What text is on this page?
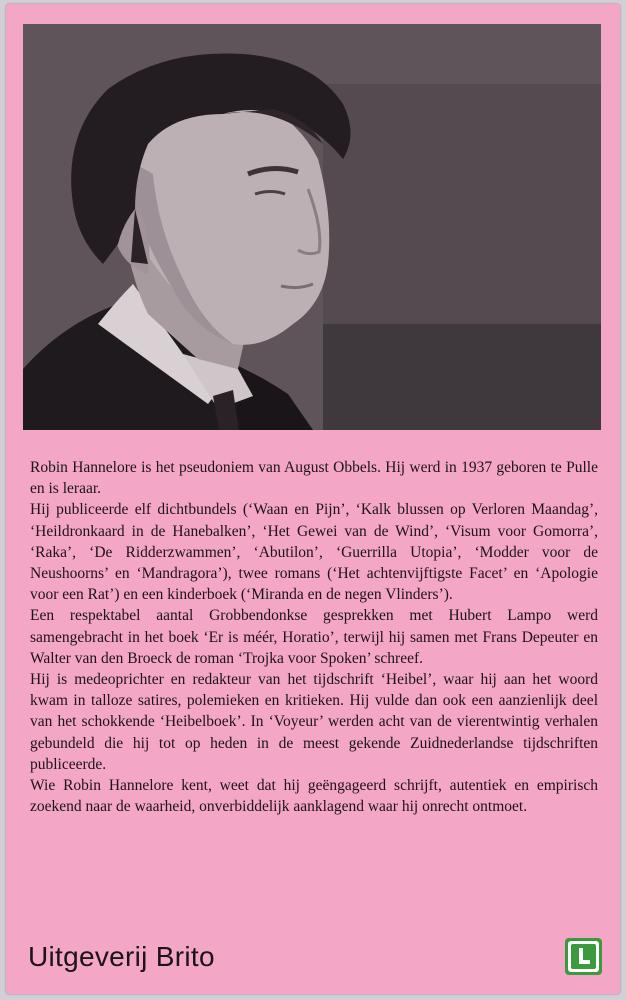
Robin Hannelore is het pseudoniem van August Obbels. Hij werd in 1937 geboren te Pulle en is leraar.

Hij publiceerde elf dichtbundels (‘Waan en Pijn’, ‘Kalk blussen op Verloren Maandag’, ‘Heildronkaard in de Hanebalken’, ‘Het Gewei van de Wind’, ‘Visum voor Gomorra’, ‘Raka’, ‘De Ridderzwammen’, ‘Abutilon’, ‘Guerrilla Utopia’, ‘Modder voor de Neushoorns’ en ‘Mandragora’), twee romans (‘Het achtenvijftigste Facet’ en ‘Apologie voor een Rat’) en een kinderboek (‘Miranda en de negen Vlinders’).

Een respektabel aantal Grobbendonkse gesprekken met Hubert Lampo werd samengebracht in het boek ‘Er is méér, Horatio’, terwijl hij samen met Frans Depeuter en Walter van den Broeck de roman ‘Trojka voor Spoken’ schreef.

Hij is medeoprichter en redakteur van het tijdschrift ‘Heibel’, waar hij aan het woord kwam in talloze satires, polemieken en kritieken. Hij vulde dan ook een aanzienlijk deel van het schokkende ‘Heibelboek’. In ‘Voyeur’ werden acht van de vierentwintig verhalen gebundeld die hij tot op heden in de meest gekende Zuidnederlandse tijdschriften publiceerde.

Wie Robin Hannelore kent, weet dat hij geëngageerd schrijft, autentiek en empirisch zoekend naar de waarheid, onverbiddelijk aanklagend waar hij onrecht ontmoet.

Uitgeverij Brito
